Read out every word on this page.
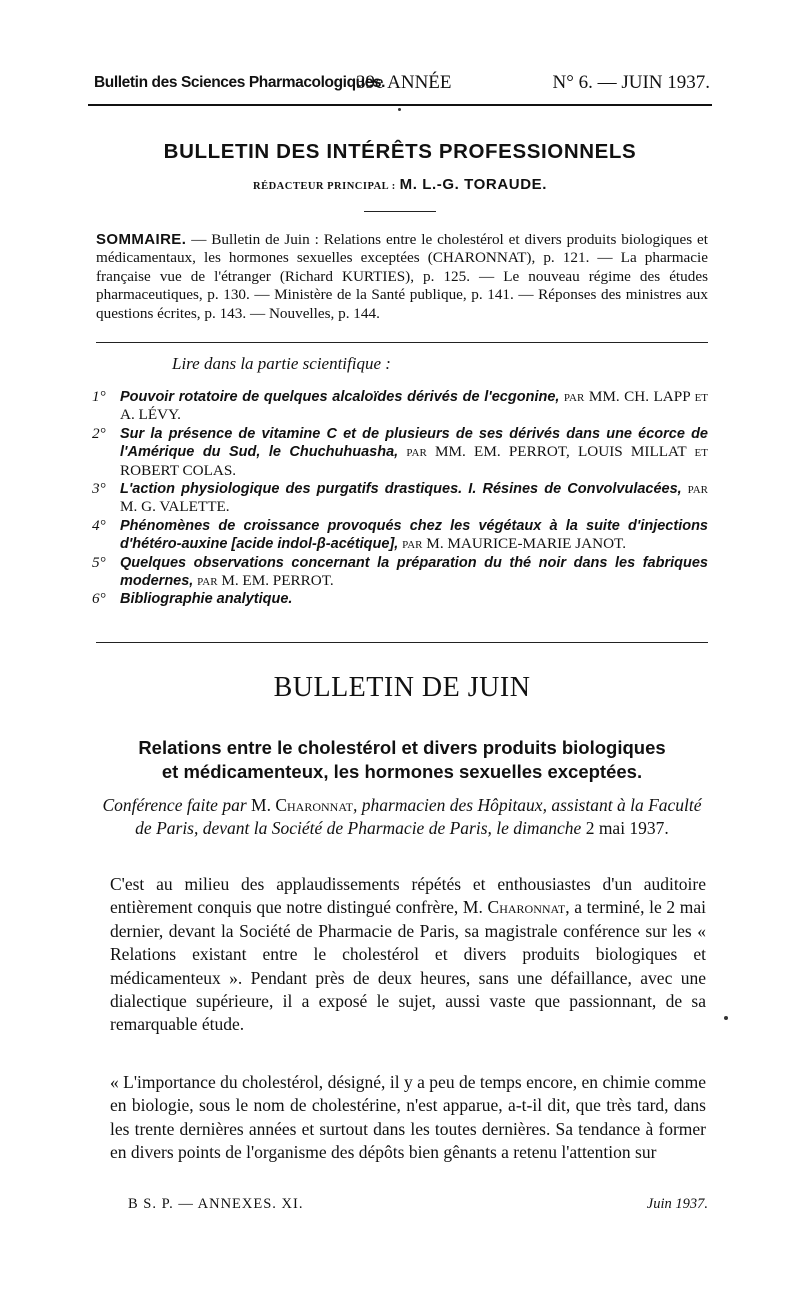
Bulletin des Sciences Pharmacologiques.
39e ANNÉE	N° 6. — JUIN 1937.
BULLETIN DES INTÉRÊTS PROFESSIONNELS
RÉDACTEUR PRINCIPAL : M. L.-G. TORAUDE.
SOMMAIRE. — Bulletin de Juin : Relations entre le cholestérol et divers produits biologiques et médicamentaux, les hormones sexuelles exceptées (CHARONNAT), p. 121. — La pharmacie française vue de l'étranger (Richard KURTIES), p. 125. — Le nouveau régime des études pharmaceutiques, p. 130. — Ministère de la Santé publique, p. 141. — Réponses des ministres aux questions écrites, p. 143. — Nouvelles, p. 144.
Lire dans la partie scientifique :
1° Pouvoir rotatoire de quelques alcaloïdes dérivés de l'ecgonine, par MM. CH. LAPP et A. LÉVY.
2° Sur la présence de vitamine C et de plusieurs de ses dérivés dans une écorce de l'Amérique du Sud, le Chuchuhuasha, par MM. EM. PERROT, LOUIS MILLAT et ROBERT COLAS.
3° L'action physiologique des purgatifs drastiques. I. Résines de Convolvulacées, par M. G. VALETTE.
4° Phénomènes de croissance provoqués chez les végétaux à la suite d'injections d'hétéro-auxine [acide indol-β-acétique], par M. MAURICE-MARIE JANOT.
5° Quelques observations concernant la préparation du thé noir dans les fabriques modernes, par M. EM. PERROT.
6° Bibliographie analytique.
BULLETIN DE JUIN
Relations entre le cholestérol et divers produits biologiques
et médicamenteux, les hormones sexuelles exceptées.
Conférence faite par M. Charonnat, pharmacien des Hôpitaux, assistant à la Faculté de Paris, devant la Société de Pharmacie de Paris, le dimanche 2 mai 1937.
C'est au milieu des applaudissements répétés et enthousiastes d'un auditoire entièrement conquis que notre distingué confrère, M. Charonnat, a terminé, le 2 mai dernier, devant la Société de Pharmacie de Paris, sa magistrale conférence sur les « Relations existant entre le cholestérol et divers produits biologiques et médicamenteux ». Pendant près de deux heures, sans une défaillance, avec une dialectique supérieure, il a exposé le sujet, aussi vaste que passionnant, de sa remarquable étude.
« L'importance du cholestérol, désigné, il y a peu de temps encore, en chimie comme en biologie, sous le nom de cholestérine, n'est apparue, a-t-il dit, que très tard, dans les trente dernières années et surtout dans les toutes dernières. Sa tendance à former en divers points de l'organisme des dépôts bien gênants a retenu l'attention sur
B S. P. — ANNEXES. XI.	Juin 1937.
